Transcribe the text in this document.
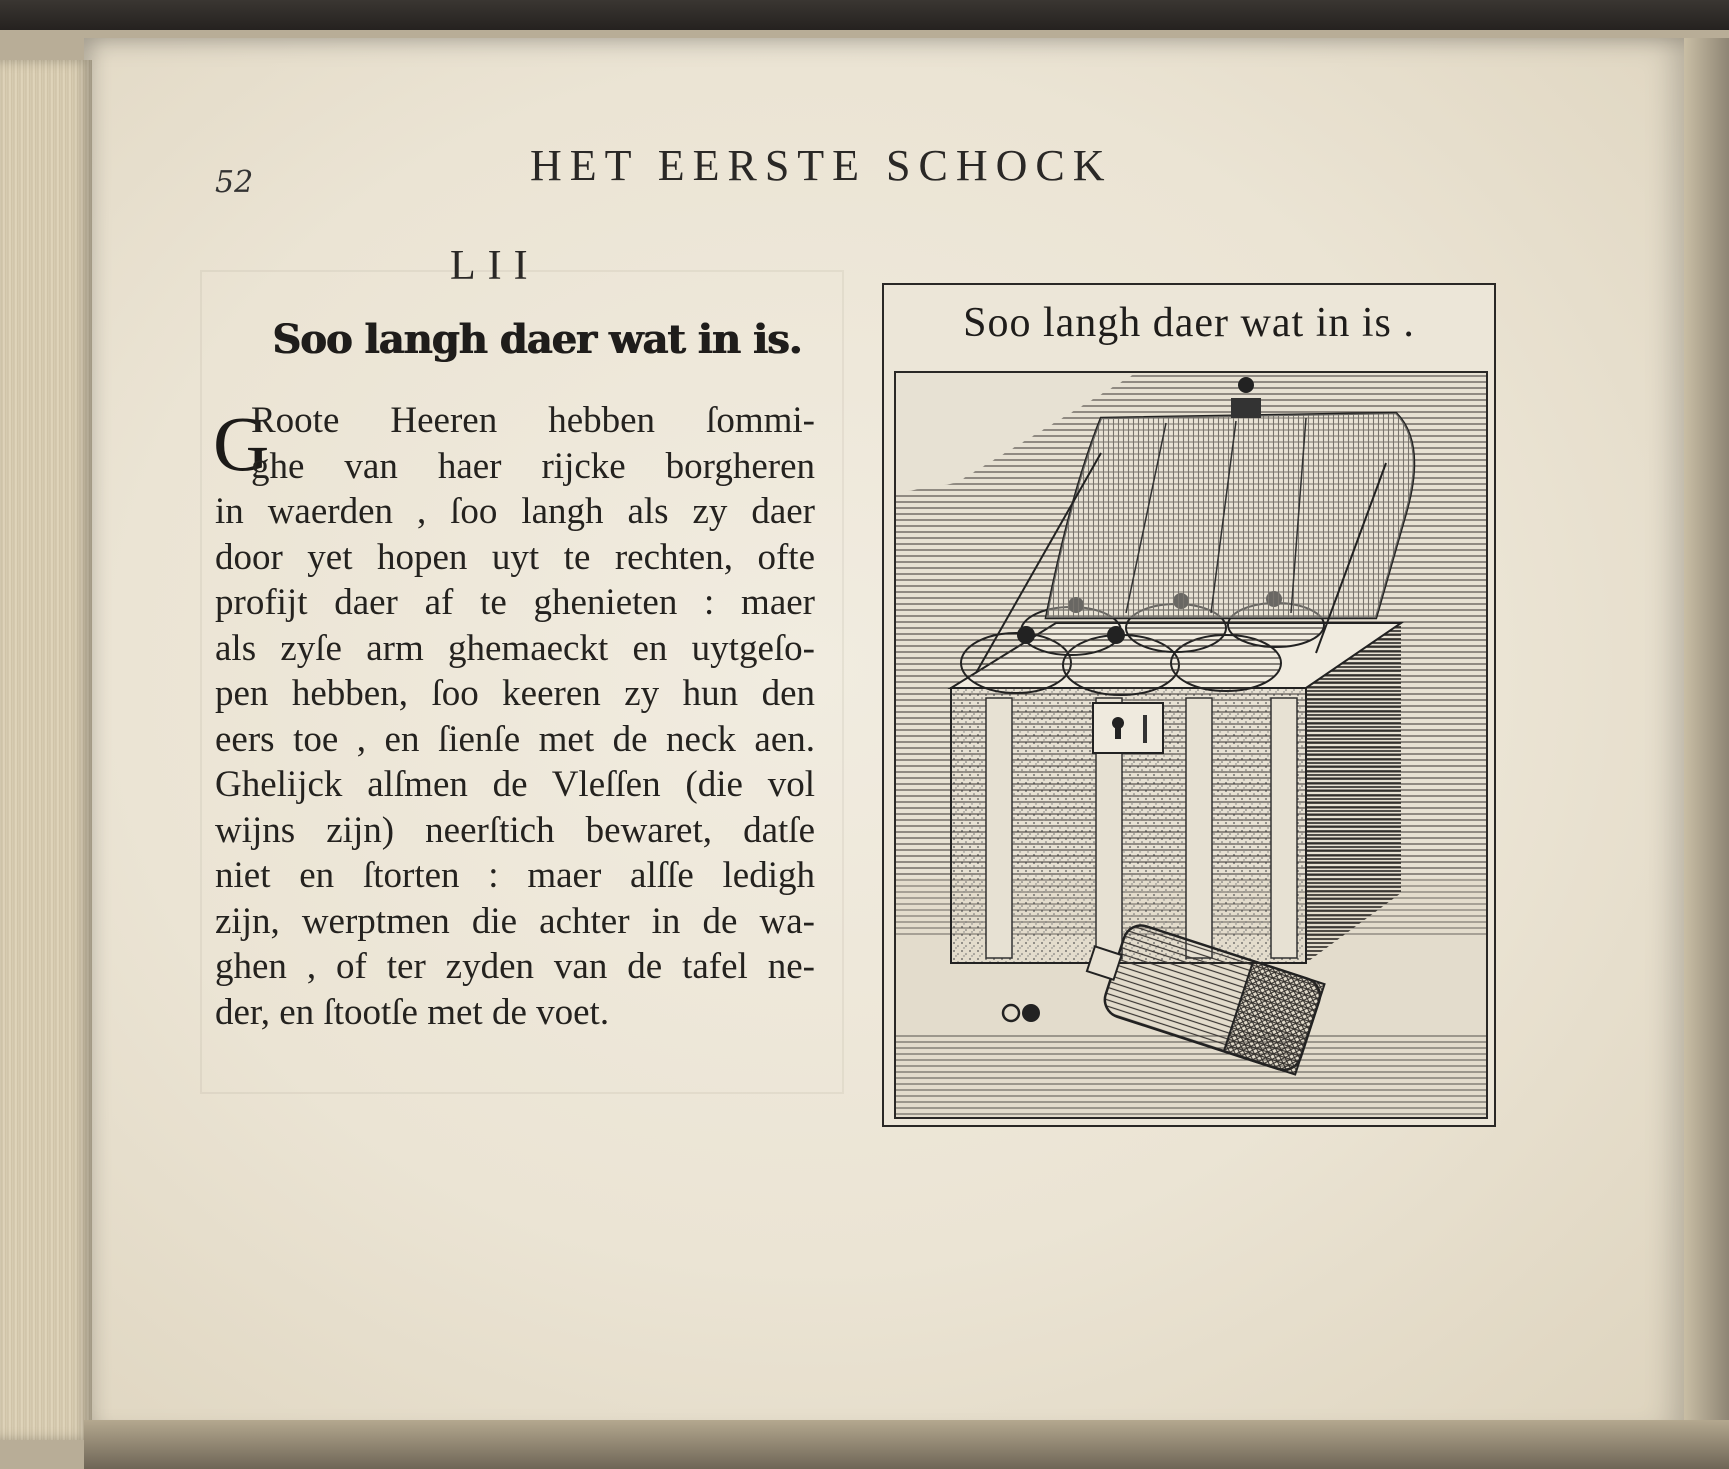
52	HET EERSTE SCHOCK
LII
Soo langh daer wat in is.
G
Roote Heeren hebben ſommi-
ghe van haer rijcke borgheren
in waerden , ſoo langh als zy daer
door yet hopen uyt te rechten, ofte
profijt daer af te ghenieten : maer
als zyſe arm ghemaeckt en uytgeſo-
pen hebben, ſoo keeren zy hun den
eers toe , en ſienſe met de neck aen.
Ghelijck alſmen de Vleſſen (die vol
wijns zijn) neerſtich bewaret, datſe
niet en ſtorten : maer alſſe ledigh
zijn, werptmen die achter in de wa-
ghen , of ter zyden van de tafel ne-
der, en ſtootſe met de voet.
Soo langh daer wat in is .
